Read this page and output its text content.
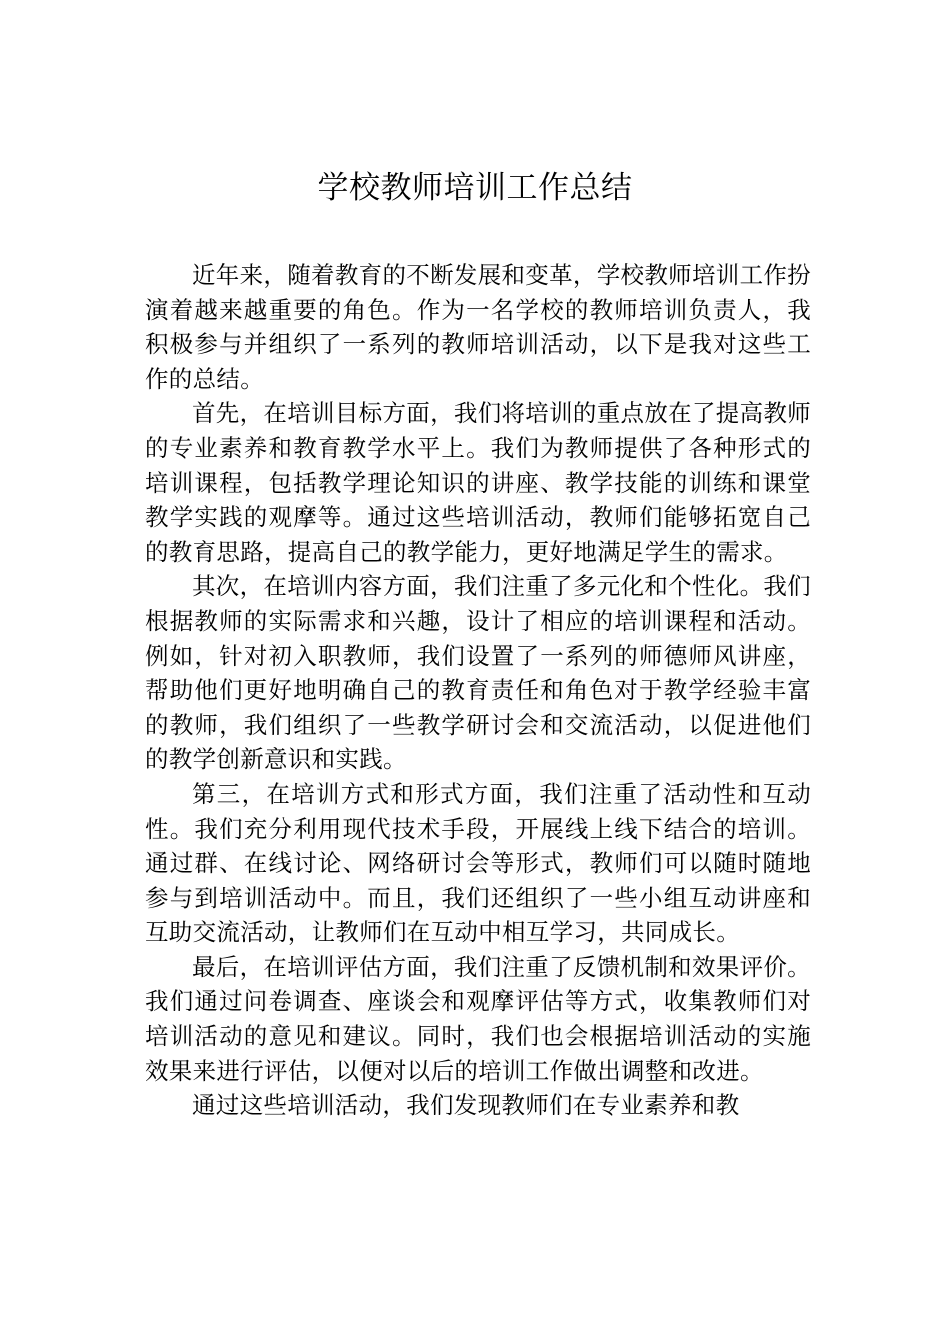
学校教师培训工作总结

近年来，随着教育的不断发展和变革，学校教师培训工作扮演着越来越重要的角色。作为一名学校的教师培训负责人，我积极参与并组织了一系列的教师培训活动，以下是我对这些工作的总结。

首先，在培训目标方面，我们将培训的重点放在了提高教师的专业素养和教育教学水平上。我们为教师提供了各种形式的培训课程，包括教学理论知识的讲座、教学技能的训练和课堂教学实践的观摩等。通过这些培训活动，教师们能够拓宽自己的教育思路，提高自己的教学能力，更好地满足学生的需求。

其次，在培训内容方面，我们注重了多元化和个性化。我们根据教师的实际需求和兴趣，设计了相应的培训课程和活动。例如，针对初入职教师，我们设置了一系列的师德师风讲座，帮助他们更好地明确自己的教育责任和角色对于教学经验丰富的教师，我们组织了一些教学研讨会和交流活动，以促进他们的教学创新意识和实践。

第三，在培训方式和形式方面，我们注重了活动性和互动性。我们充分利用现代技术手段，开展线上线下结合的培训。通过群、在线讨论、网络研讨会等形式，教师们可以随时随地参与到培训活动中。而且，我们还组织了一些小组互动讲座和互助交流活动，让教师们在互动中相互学习，共同成长。

最后，在培训评估方面，我们注重了反馈机制和效果评价。我们通过问卷调查、座谈会和观摩评估等方式，收集教师们对培训活动的意见和建议。同时，我们也会根据培训活动的实施效果来进行评估，以便对以后的培训工作做出调整和改进。

通过这些培训活动，我们发现教师们在专业素养和教
